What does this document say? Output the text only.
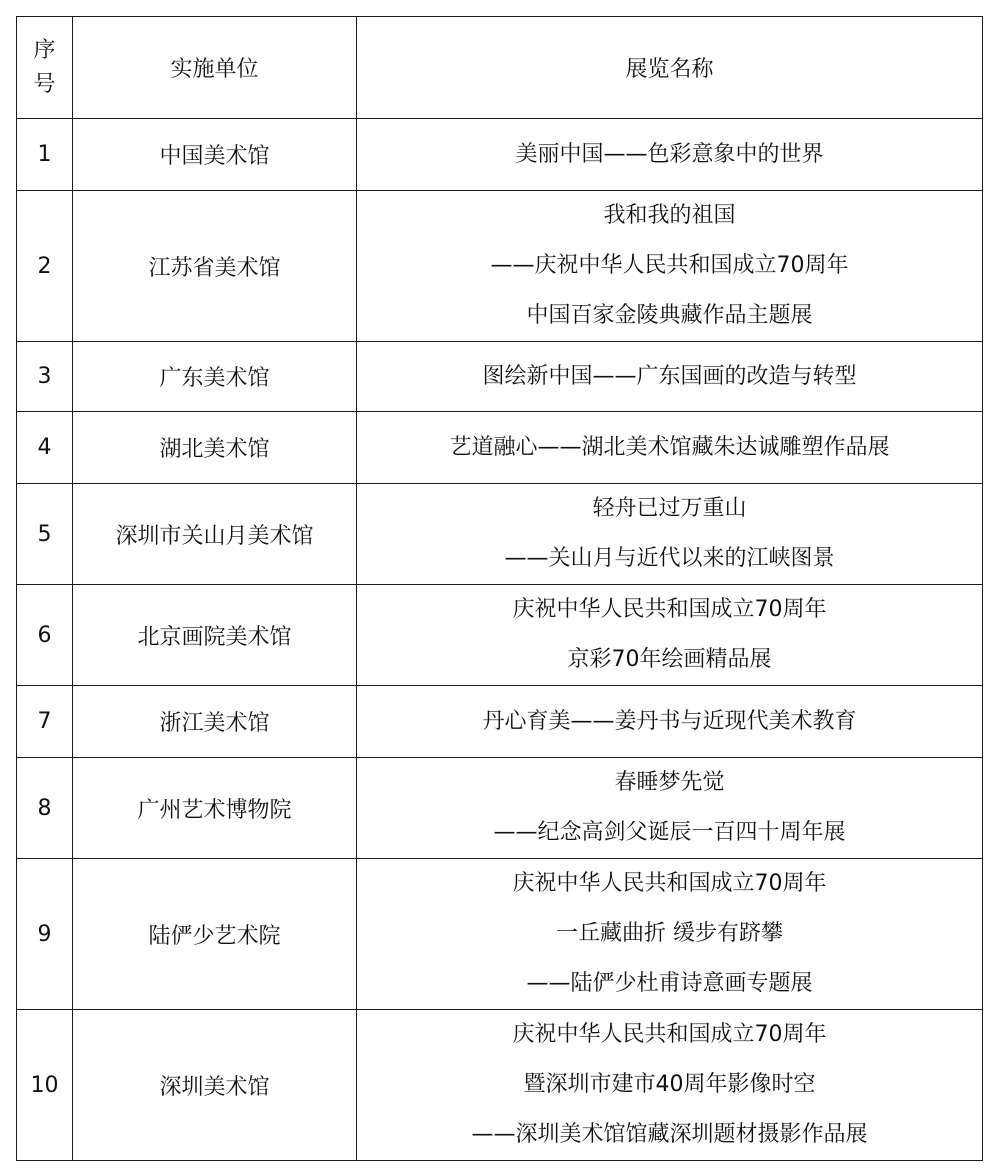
序
号	实施单位	展览名称
1	中国美术馆	美丽中国——色彩意象中的世界

2	江苏省美术馆	我和我的祖国
——庆祝中华人民共和国成立70周年
中国百家金陵典藏作品主题展

3	广东美术馆	图绘新中国——广东国画的改造与转型

4	湖北美术馆	艺道融心——湖北美术馆藏朱达诚雕塑作品展

5	深圳市关山月美术馆	轻舟已过万重山
——关山月与近代以来的江峡图景

6	北京画院美术馆	庆祝中华人民共和国成立70周年
京彩70年绘画精品展

7	浙江美术馆	丹心育美——姜丹书与近现代美术教育

8	广州艺术博物院	春睡梦先觉
——纪念高剑父诞辰一百四十周年展

9	陆俨少艺术院	庆祝中华人民共和国成立70周年
一丘藏曲折 缓步有跻攀
——陆俨少杜甫诗意画专题展

10	深圳美术馆	庆祝中华人民共和国成立70周年
暨深圳市建市40周年影像时空
——深圳美术馆馆藏深圳题材摄影作品展
